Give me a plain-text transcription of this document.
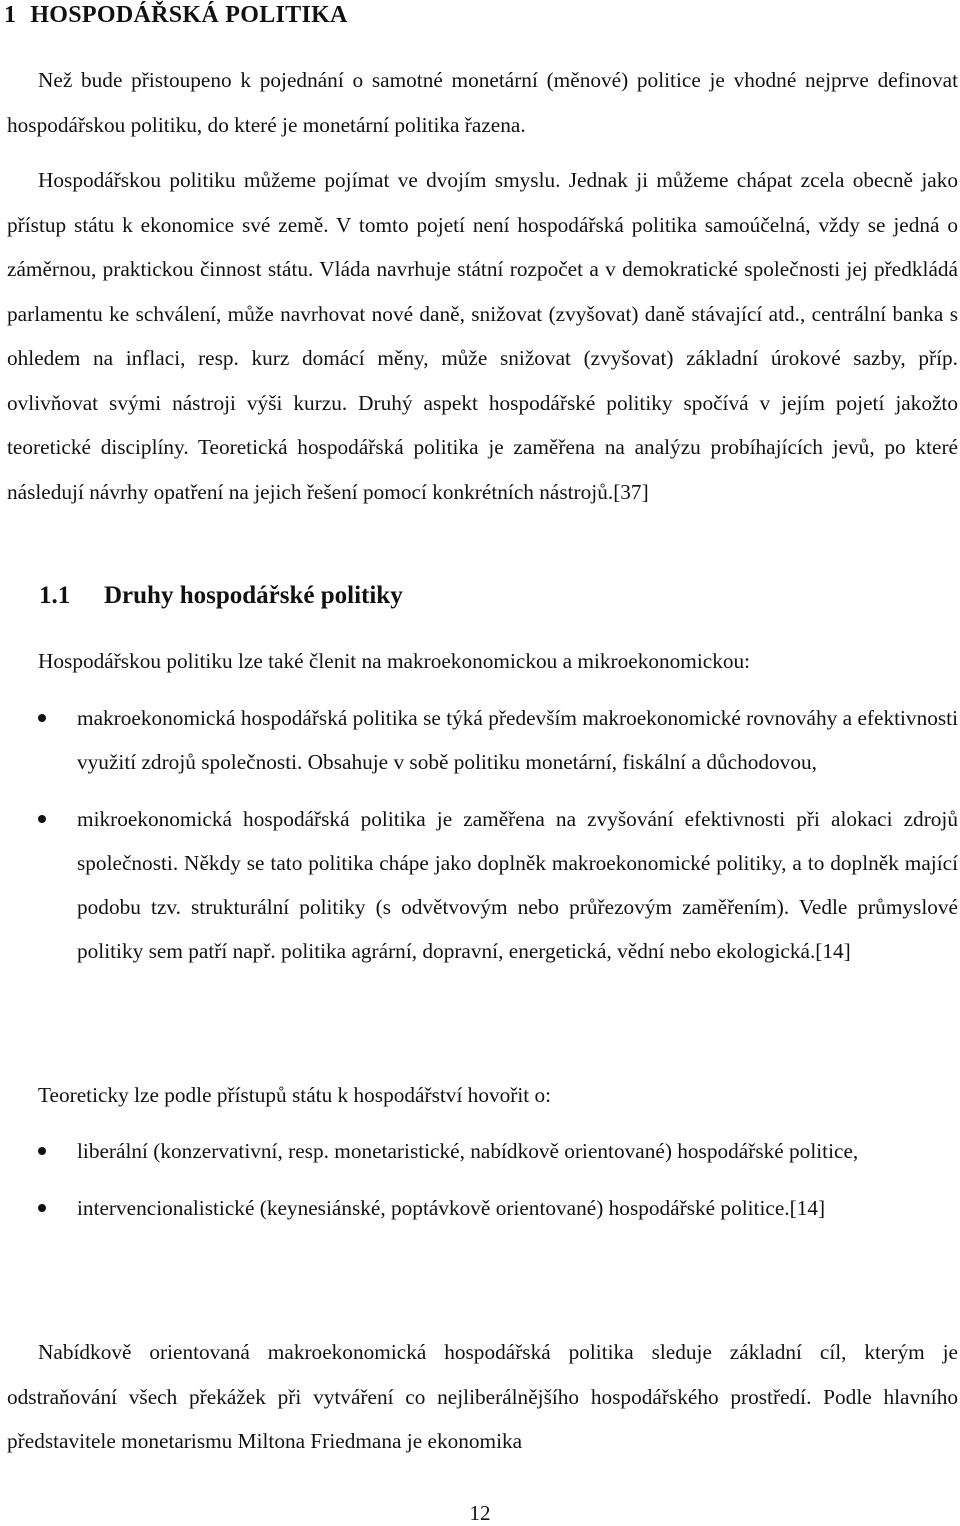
1 HOSPODÁŘSKÁ POLITIKA

Než bude přistoupeno k pojednání o samotné monetární (měnové) politice je vhodné nejprve definovat hospodářskou politiku, do které je monetární politika řazena.

Hospodářskou politiku můžeme pojímat ve dvojím smyslu. Jednak ji můžeme chápat zcela obecně jako přístup státu k ekonomice své země. V tomto pojetí není hospodářská politika samoúčelná, vždy se jedná o záměrnou, praktickou činnost státu. Vláda navrhuje státní rozpočet a v demokratické společnosti jej předkládá parlamentu ke schválení, může navrhovat nové daně, snižovat (zvyšovat) daně stávající atd., centrální banka s ohledem na inflaci, resp. kurz domácí měny, může snižovat (zvyšovat) základní úrokové sazby, příp. ovlivňovat svými nástroji výši kurzu. Druhý aspekt hospodářské politiky spočívá v jejím pojetí jakožto teoretické disciplíny. Teoretická hospodářská politika je zaměřena na analýzu probíhajících jevů, po které následují návrhy opatření na jejich řešení pomocí konkrétních nástrojů.[37]

1.1 Druhy hospodářské politiky

Hospodářskou politiku lze také členit na makroekonomickou a mikroekonomickou:

makroekonomická hospodářská politika se týká především makroekonomické rovnováhy a efektivnosti využití zdrojů společnosti. Obsahuje v sobě politiku monetární, fiskální a důchodovou,
mikroekonomická hospodářská politika je zaměřena na zvyšování efektivnosti při alokaci zdrojů společnosti. Někdy se tato politika chápe jako doplněk makroekonomické politiky, a to doplněk mající podobu tzv. strukturální politiky (s odvětvovým nebo průřezovým zaměřením). Vedle průmyslové politiky sem patří např. politika agrární, dopravní, energetická, vědní nebo ekologická.[14]

Teoreticky lze podle přístupů státu k hospodářství hovořit o:

liberální (konzervativní, resp. monetaristické, nabídkově orientované) hospodářské politice,
intervencionalistické (keynesiánské, poptávkově orientované) hospodářské politice.[14]

Nabídkově orientovaná makroekonomická hospodářská politika sleduje základní cíl, kterým je odstraňování všech překážek při vytváření co nejliberálnějšího hospodářského prostředí. Podle hlavního představitele monetarismu Miltona Friedmana je ekonomika

12
